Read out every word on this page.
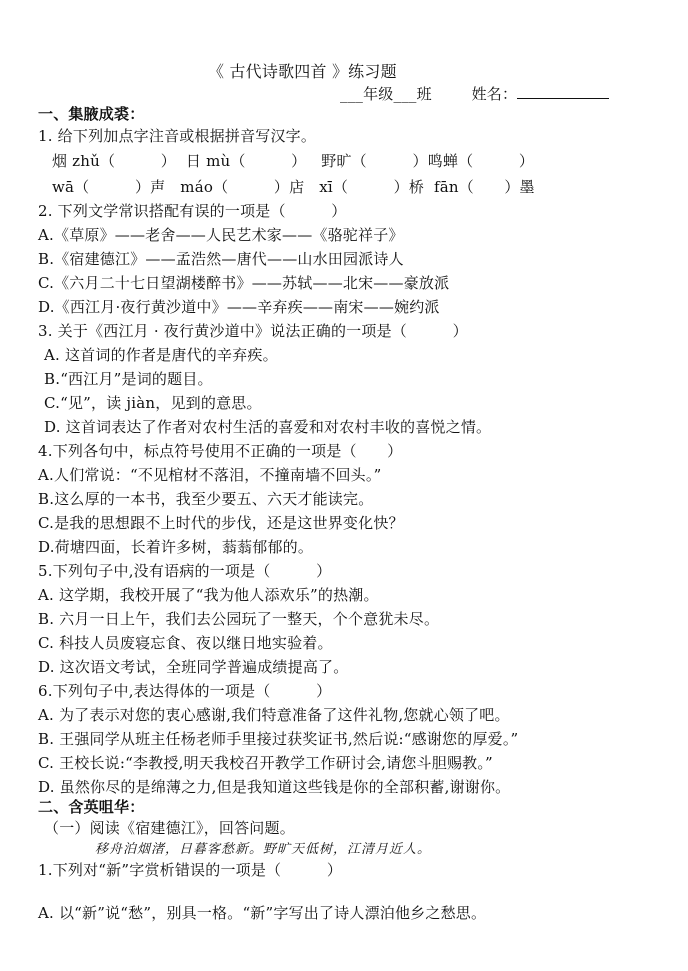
《 古代诗歌四首 》练习题
___年级___班	姓名：
一、集腋成裘：
1. 给下列加点字注音或根据拼音写汉字。
烟 zhǔ（　　　）  日 mù（　　　）   野旷（　　　）鸣蝉（　　　）
wā（　　　）声   máo（　　　）店   xī（　　　）桥  fān（　　）墨
2. 下列文学常识搭配有误的一项是（　　　）
A.《草原》——老舍——人民艺术家——《骆驼祥子》
B.《宿建德江》——孟浩然—唐代——山水田园派诗人
C.《六月二十七日望湖楼醉书》——苏轼——北宋——豪放派
D.《西江月·夜行黄沙道中》——辛弃疾——南宋——婉约派
3. 关于《西江月 · 夜行黄沙道中》说法正确的一项是（　　　）
A. 这首词的作者是唐代的辛弃疾。
B.“西江月”是词的题目。
C.“见”，读 jiàn，见到的意思。
D. 这首词表达了作者对农村生活的喜爱和对农村丰收的喜悦之情。
4.下列各句中，标点符号使用不正确的一项是（　　）
A.人们常说：“不见棺材不落泪，不撞南墙不回头。”
B.这么厚的一本书，我至少要五、六天才能读完。
C.是我的思想跟不上时代的步伐，还是这世界变化快？
D.荷塘四面，长着许多树，蓊蓊郁郁的。
5.下列句子中,没有语病的一项是（　　　）
A. 这学期，我校开展了“我为他人添欢乐”的热潮。
B. 六月一日上午，我们去公园玩了一整天，个个意犹未尽。
C. 科技人员废寝忘食、夜以继日地实验着。
D. 这次语文考试，全班同学普遍成绩提高了。
6.下列句子中,表达得体的一项是（　　　）
A. 为了表示对您的衷心感谢,我们特意准备了这件礼物,您就心领了吧。
B. 王强同学从班主任杨老师手里接过获奖证书,然后说:“感谢您的厚爱。”
C. 王校长说:“李教授,明天我校召开教学工作研讨会,请您斗胆赐教。”
D. 虽然你尽的是绵薄之力,但是我知道这些钱是你的全部积蓄,谢谢你。
二、含英咀华：
（一）阅读《宿建德江》，回答问题。
移舟泊烟渚，日暮客愁新。野旷天低树，江清月近人。
1.下列对“新”字赏析错误的一项是（　　　）
A. 以“新”说“愁”，别具一格。“新”字写出了诗人漂泊他乡之愁思。
